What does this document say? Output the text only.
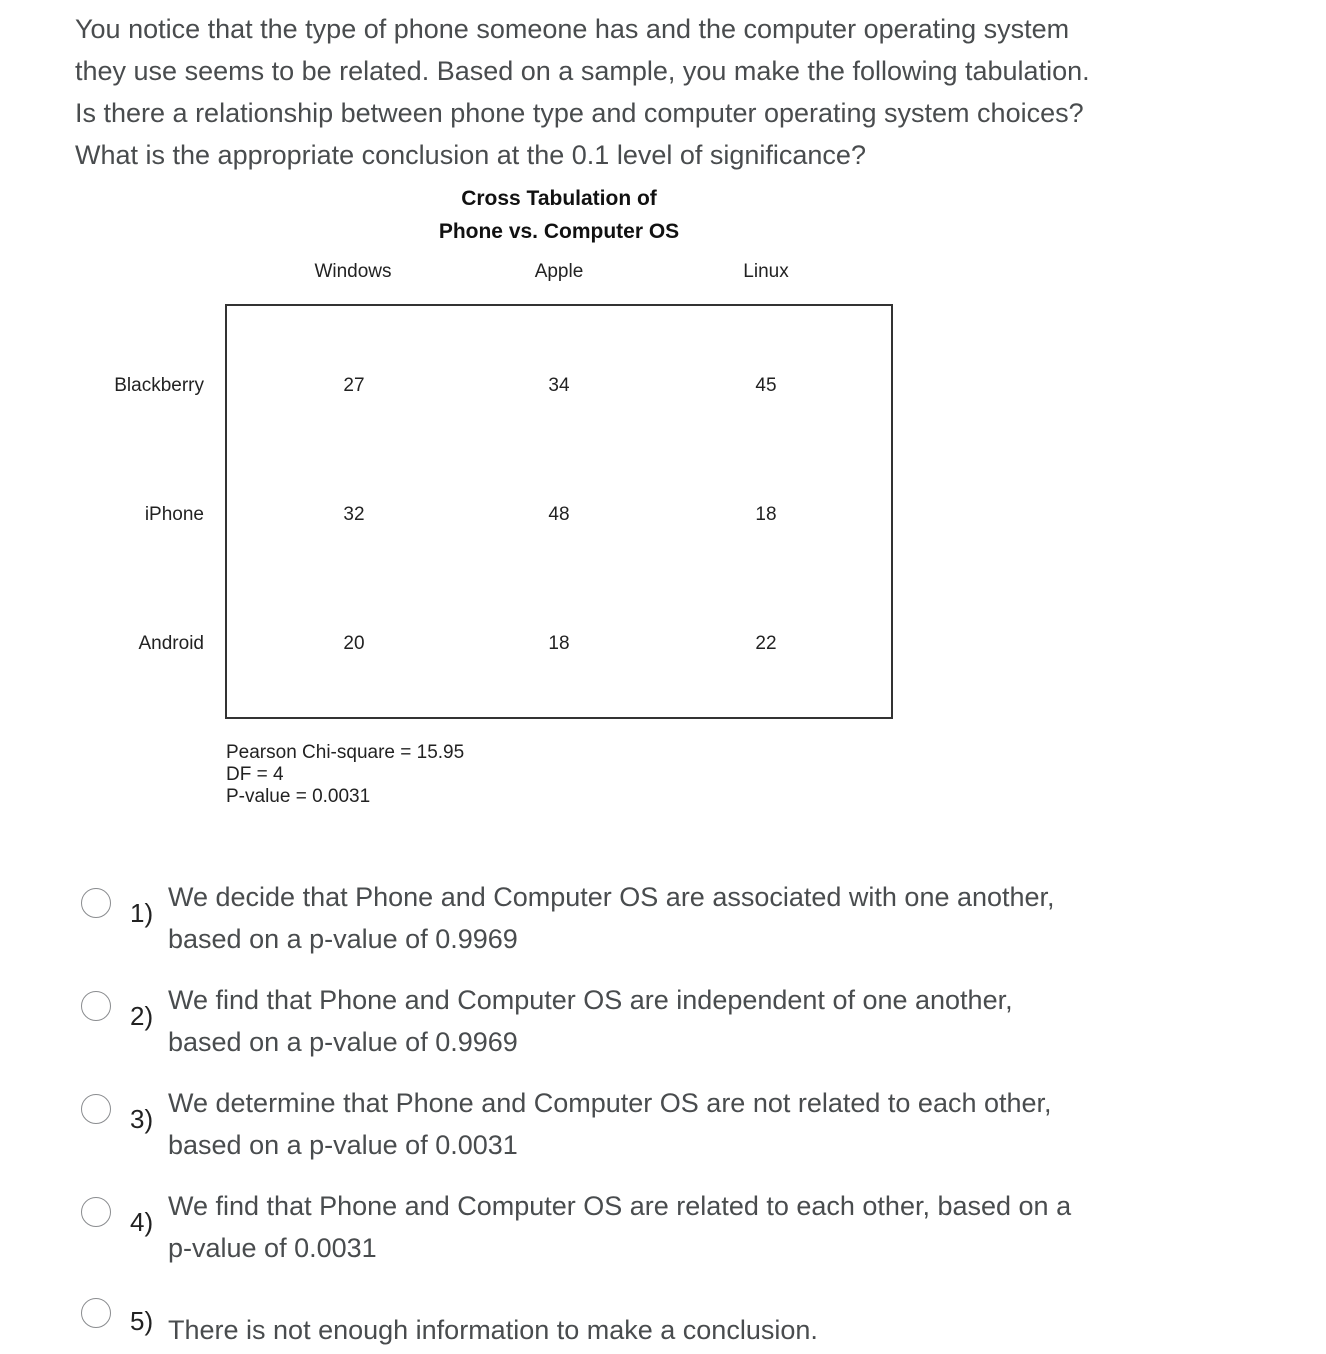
You notice that the type of phone someone has and the computer operating system
they use seems to be related. Based on a sample, you make the following tabulation.
Is there a relationship between phone type and computer operating system choices?
What is the appropriate conclusion at the 0.1 level of significance?
Cross Tabulation of
Phone vs. Computer OS
Windows	Apple	Linux
Blackberry	27	34	45
iPhone	32	48	18
Android	20	18	22
Pearson Chi-square = 15.95
DF = 4
P-value = 0.0031
1)
We decide that Phone and Computer OS are associated with one another,
based on a p-value of 0.9969
2)
We find that Phone and Computer OS are independent of one another,
based on a p-value of 0.9969
3)
We determine that Phone and Computer OS are not related to each other,
based on a p-value of 0.0031
4)
We find that Phone and Computer OS are related to each other, based on a
p-value of 0.0031
5) There is not enough information to make a conclusion.
